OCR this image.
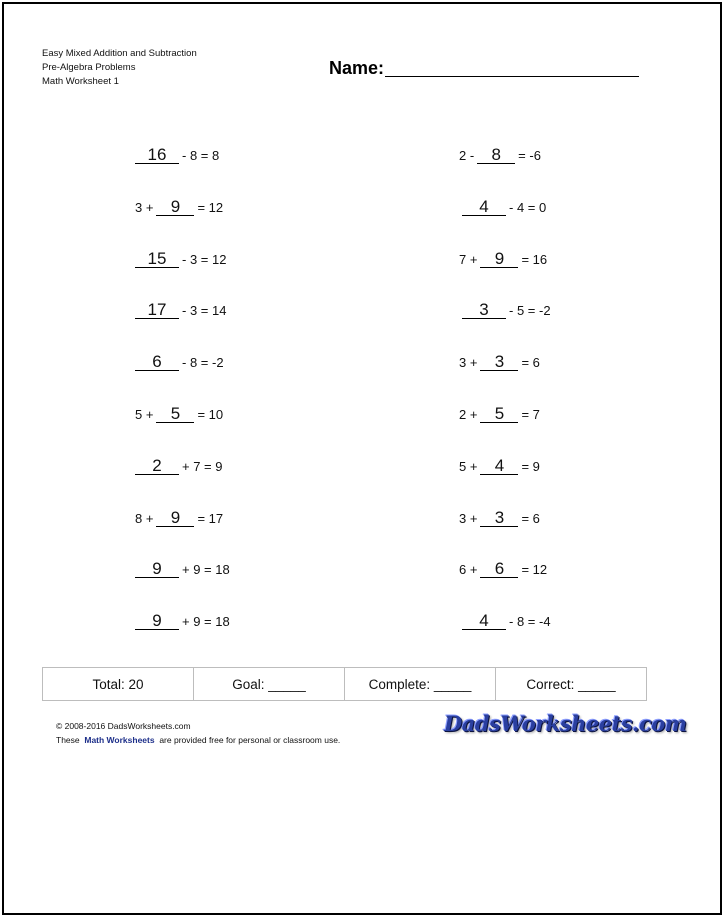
Easy Mixed Addition and Subtraction
Pre-Algebra Problems
Math Worksheet 1
Name:
16	- 8 = 8
3 +	9	= 12
15	- 3 = 12
17	- 3 = 14
6	- 8 = -2
5 +	5	= 10
2	+ 7 = 9
8 +	9	= 17
9	+ 9 = 18
9	+ 9 = 18
2 -	8	= -6
4	- 4 = 0
7 +	9	= 16
3	- 5 = -2
3 +	3	= 6
2 +	5	= 7
5 +	4	= 9
3 +	3	= 6
6 +	6	= 12
4	- 8 = -4
Total: 20	Goal: _____	Complete: _____	Correct: _____
© 2008-2016 DadsWorksheets.com
These Math Worksheets are provided free for personal or classroom use.
DadsWorksheets.com
